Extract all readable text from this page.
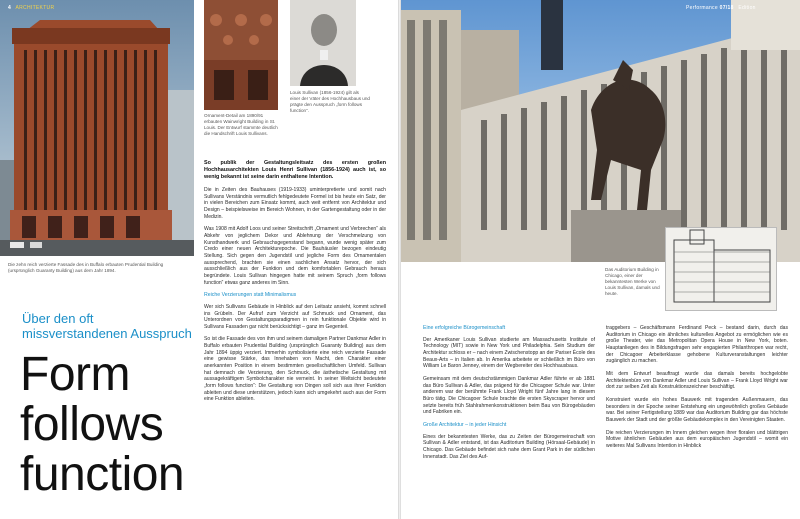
4 ARCHITEKTUR
Die zehn reich verzierte Fassade des in Buffalo erbauten Prudential Building (ursprünglich Guaranty Building) aus dem Jahr 1894.
Ornament-Detail am 1890/91 erbauten Wainwright Building in St. Louis. Der Entwurf stammte deutlich die Handschrift Louis Sullivans.
Louis Sullivan (1856-1924) gilt als einer der Väter des Hochhausbaus und prägte den Ausspruch „form follows function“.
Über den oft missverstandenen Ausspruch
Form
follows
function

So publik der Gestaltungsleitsatz des ersten großen Hochhausarchitekten Louis Henri Sullivan (1856-1924) auch ist, so wenig bekannt ist seine darin enthaltene Intention.

Die in Zeiten des Bauhauses (1919-1933) uminterpretierte und somit nach Sullivans Verständnis vermutlich fehlgedeutete Formel ist bis heute ein Satz, der in vielen Bereichen zum Einsatz kommt, auch weit entfernt von Architektur und Design – beispielsweise im Bereich Wohnen, in der Gartengestaltung oder in der Medizin.

Was 1908 mit Adolf Loos und seiner Streitschrift „Ornament und Verbrechen“ als Abkehr von jeglichem Dekor und Ablehnung der Verschmelzung von Kunsthandwerk und Gebrauchsgegenstand begann, wurde wenig später zum Credo einer neuen Architekturepoche. Die Bauhäusler bezogen eindeutig Stellung. Sich gegen den Jugendstil und jegliche Form des Ornamentalen aussprechend, brachten sie einen sachlichen Ansatz hervor, der sich ausschließlich aus der Funktion und dem komfortablen Gebrauch heraus begründete. Louis Sullivan hingegen hatte mit seinem Spruch „form follows function“ etwas ganz anderes im Sinn.

Reiche Verzierungen statt Minimalismus

Wer sich Sullivans Gebäude in Hinblick auf den Leitsatz ansieht, kommt schnell ins Grübeln. Der Aufruf zum Verzicht auf Schmuck und Ornament, das Unterordnen von Gestaltungsparadigmen in rein funktionale Objekte wird in Sullivans Fassaden gar nicht berücksichtigt – ganz im Gegenteil.

So ist die Fassade des von ihm und seinem damaligen Partner Dankmar Adler in Buffalo erbauten Prudential Building (ursprünglich Guaranty Building) aus dem Jahr 1894 üppig verziert. Immerhin symbolisierte eine reich verzierte Fassade eine gewisse Stärke, das Innehaben von Macht, den Charakter einer anerkannten Position in einem bestimmten gesellschaftlichen Umfeld. Sullivan hat demnach die Verzierung, den Schmuck, die ästhetische Gestaltung mit aussagekräftigem Symbolcharakter nie verneint. In seiner Weltsicht bedeutete „form follows function“: Die Gestaltung von Dingen soll sich aus ihrer Funktion ableiten und diese unterstützen, jedoch kann sich umgekehrt auch aus der Form eine Funktion ableiten.

Performance 07/18 Edition
Das Auditorium Building in Chicago, einer der bekanntesten Werke von Louis Sullivan, damals und heute.
Eine erfolgreiche Bürogemeinschaft

Der Amerikaner Louis Sullivan studierte am Massachusetts Institute of Technology (MIT) sowie in New York und Philadelphia. Sein Studium der Architektur schloss er – nach einem Zwischenstopp an der Pariser École des Beaux-Arts – in Italien ab. In Amerika arbeitete er schließlich im Büro von William Le Baron Jenney, einem der Wegbereiter des Hochhausbaus.

Gemeinsam mit dem deutschstämmigen Dankmar Adler führte er ab 1881 das Büro Sullivan & Adler, das prägend für die Chicagoer Schule war. Unter anderem war der berühmte Frank Lloyd Wright fünf Jahre lang in diesem Büro tätig. Die Chicagoer Schule brachte die ersten Skyscraper hervor und setzte bereits früh Stahlrahmenkonstruktionen beim Bau von Bürogebäuden und Fabriken ein.

Große Architektur – in jeder Hinsicht

Eines der bekanntesten Werke, das zu Zeiten der Bürogemeinschaft von Sullivan & Adler entstand, ist das Auditorium Building (Hörsaal-Gebäude) in Chicago. Das Gebäude befindet sich nahe dem Grant Park in der südlichen Innenstadt. Das Ziel des Auf-

traggebers – Geschäftsmann Ferdinand Peck – bestand darin, durch das Auditorium in Chicago ein ähnliches kulturelles Angebot zu ermöglichen wie es große Theater, wie das Metropolitan Opera House in New York, boten. Hauptanliegen des in Bildungsfragen sehr engagierten Philanthropen war recht, der Chicagoer Arbeiterklasse gehobene Kulturveranstaltungen leichter zugänglich zu machen.

Mit dem Entwurf beauftragt wurde das damals bereits hochgelobte Architektenbüro von Dankmar Adler und Louis Sullivan – Frank Lloyd Wright war dort zur selben Zeit als Konstruktionszeichner beschäftigt.

Konstruiert wurde ein hohes Bauwerk mit tragenden Außenmauern, das besonders in der Epoche seiner Entstehung ein ungewöhnlich großes Gebäude war. Bei seiner Fertigstellung 1889 war das Auditorium Building gar das höchste Bauwerk der Stadt und der größte Gebäudekomplex in den Vereinigten Staaten.

Die reichen Verzierungen im Innern gleichen wegen ihrer floralen und blättrigen Motive ähnlichen Gebäuden aus dem europäischen Jugendstil – womit ein weiteres Mal Sullivans Intention in Hinblick
